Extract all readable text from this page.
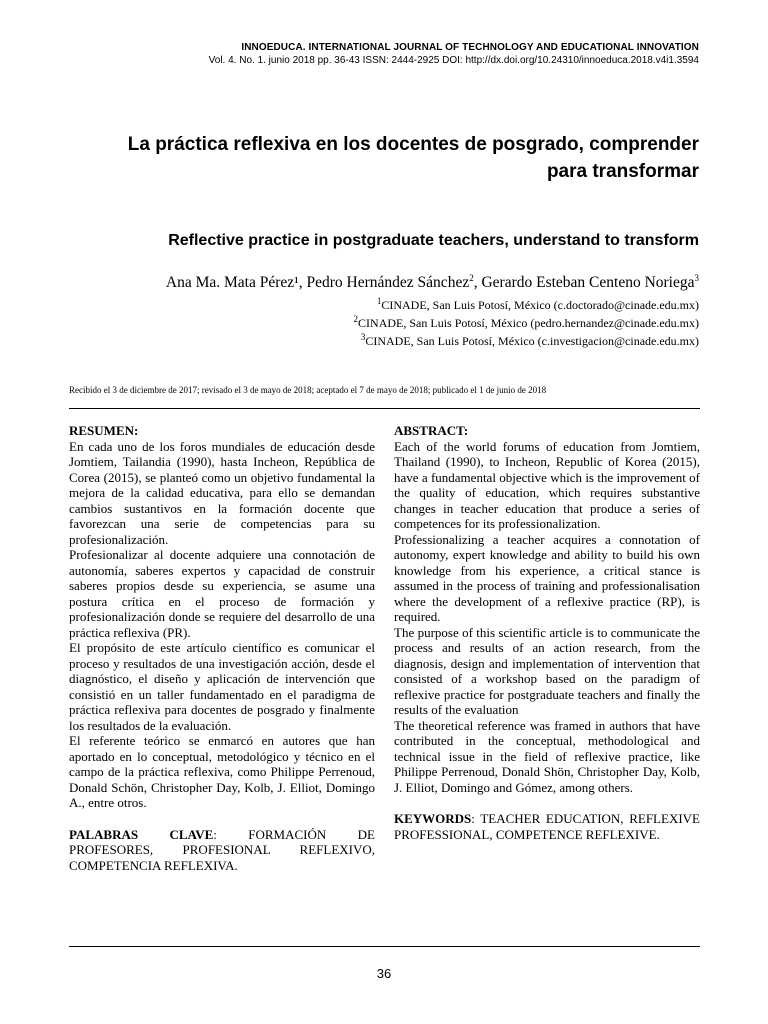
INNOEDUCA. INTERNATIONAL JOURNAL OF TECHNOLOGY AND EDUCATIONAL INNOVATION
Vol. 4. No. 1. junio 2018 pp. 36-43 ISSN: 2444-2925 DOI: http://dx.doi.org/10.24310/innoeduca.2018.v4i1.3594
La práctica reflexiva en los docentes de posgrado, comprender
para transformar
Reflective practice in postgraduate teachers, understand to transform
Ana Ma. Mata Pérez¹, Pedro Hernández Sánchez$^2$, Gerardo Esteban Centeno Noriega$^3$
$^1$CINADE, San Luis Potosí, México (c.doctorado@cinade.edu.mx)
$^2$CINADE, San Luis Potosí, México (pedro.hernandez@cinade.edu.mx)
$^3$CINADE, San Luis Potosí, México (c.investigacion@cinade.edu.mx)
Recibido el 3 de diciembre de 2017; revisado el 3 de mayo de 2018; aceptado el 7 de mayo de 2018; publicado el 1 de junio de 2018

RESUMEN:

En cada uno de los foros mundiales de educación desde Jomtiem, Tailandia (1990), hasta Incheon, República de Corea (2015), se planteó como un objetivo fundamental la mejora de la calidad educativa, para ello se demandan cambios sustantivos en la formación docente que favorezcan una serie de competencias para su profesionalización.

Profesionalizar al docente adquiere una connotación de autonomía, saberes expertos y capacidad de construir saberes propios desde su experiencia, se asume una postura crítica en el proceso de formación y profesionalización donde se requiere del desarrollo de una práctica reflexiva (PR).

El propósito de este artículo científico es comunicar el proceso y resultados de una investigación acción, desde el diagnóstico, el diseño y aplicación de intervención que consistió en un taller fundamentado en el paradigma de práctica reflexiva para docentes de posgrado y finalmente los resultados de la evaluación.

El referente teórico se enmarcó en autores que han aportado en lo conceptual, metodológico y técnico en el campo de la práctica reflexiva, como Philippe Perrenoud, Donald Schön, Christopher Day, Kolb, J. Elliot, Domingo A., entre otros.

PALABRAS CLAVE: FORMACIÓN DE PROFESORES, PROFESIONAL REFLEXIVO, COMPETENCIA REFLEXIVA.

ABSTRACT:

Each of the world forums of education from Jomtiem, Thailand (1990), to Incheon, Republic of Korea (2015), have a fundamental objective which is the improvement of the quality of education, which requires substantive changes in teacher education that produce a series of competences for its professionalization.

Professionalizing a teacher acquires a connotation of autonomy, expert knowledge and ability to build his own knowledge from his experience, a critical stance is assumed in the process of training and professionalisation where the development of a reflexive practice (RP), is required.

The purpose of this scientific article is to communicate the process and results of an action research, from the diagnosis, design and implementation of intervention that consisted of a workshop based on the paradigm of reflexive practice for postgraduate teachers and finally the results of the evaluation

The theoretical reference was framed in authors that have contributed in the conceptual, methodological and technical issue in the field of reflexive practice, like Philippe Perrenoud, Donald Shön, Christopher Day, Kolb, J. Elliot, Domingo and Gómez, among others.

KEYWORDS: TEACHER EDUCATION, REFLEXIVE PROFESSIONAL, COMPETENCE REFLEXIVE.

36
